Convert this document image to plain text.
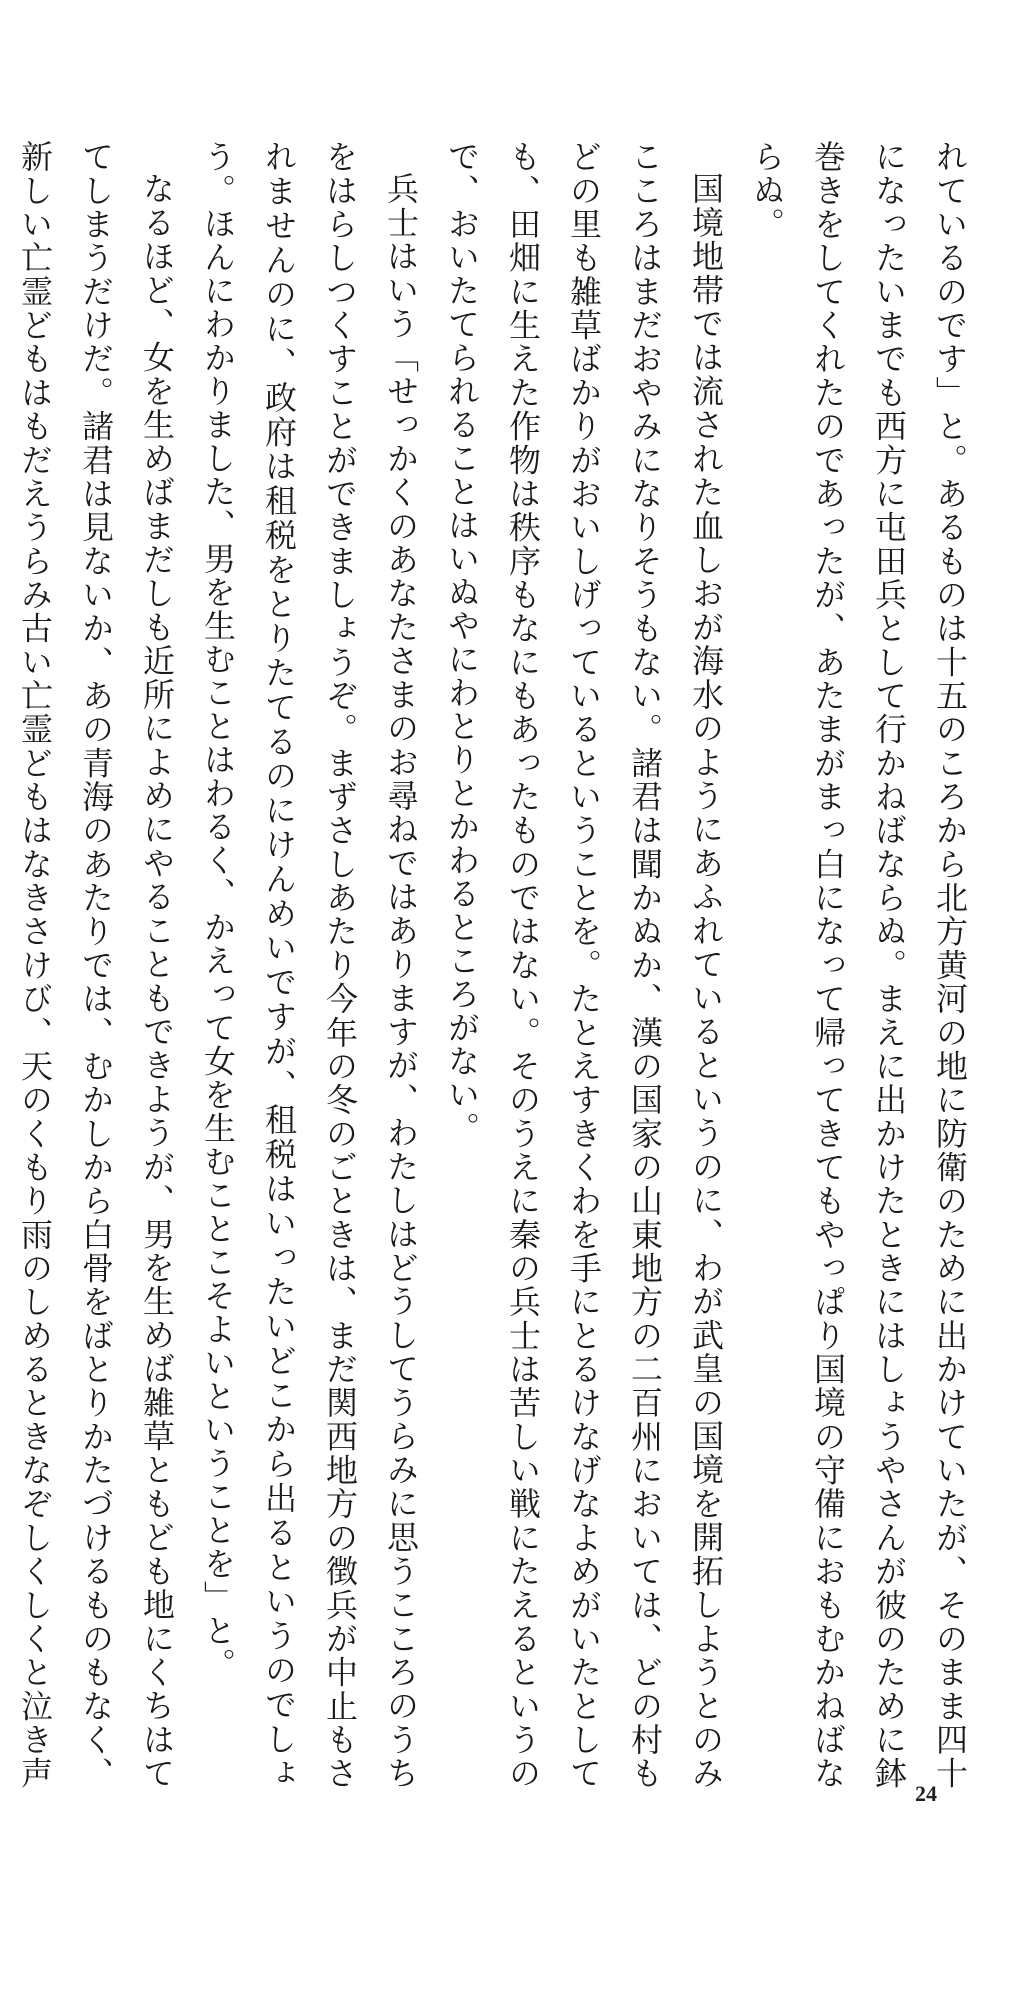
れているのです」と。あるものは十五のころから北方黄河の地に防衛のために出かけていたが、そのまま四十になったいまでも西方に屯田兵として行かねばならぬ。まえに出かけたときにはしょうやさんが彼のために鉢巻きをしてくれたのであったが、あたまがまっ白になって帰ってきてもやっぱり国境の守備におもむかねばならぬ。

国境地帯では流された血しおが海水のようにあふれているというのに、わが武皇の国境を開拓しようとのみこころはまだおやみになりそうもない。諸君は聞かぬか、漢の国家の山東地方の二百州においては、どの村もどの里も雑草ばかりがおいしげっているということを。たとえすきくわを手にとるけなげなよめがいたとしても、田畑に生えた作物は秩序もなにもあったものではない。そのうえに秦の兵士は苦しい戦にたえるというので、おいたてられることはいぬやにわとりとかわるところがない。

兵士はいう「せっかくのあなたさまのお尋ねではありますが、わたしはどうしてうらみに思うこころのうちをはらしつくすことができましょうぞ。まずさしあたり今年の冬のごときは、まだ関西地方の徴兵が中止もされませんのに、政府は租税をとりたてるのにけんめいですが、租税はいったいどこから出るというのでしょう。ほんにわかりました、男を生むことはわるく、かえって女を生むことこそよいということを」と。

なるほど、女を生めばまだしも近所によめにやることもできようが、男を生めば雑草ともども地にくちはててしまうだけだ。諸君は見ないか、あの青海のあたりでは、むかしから白骨をばとりかたづけるものもなく、新しい亡霊どもはもだえうらみ古い亡霊どもはなきさけび、天のくもり雨のしめるときなぞしくしくと泣き声

24
